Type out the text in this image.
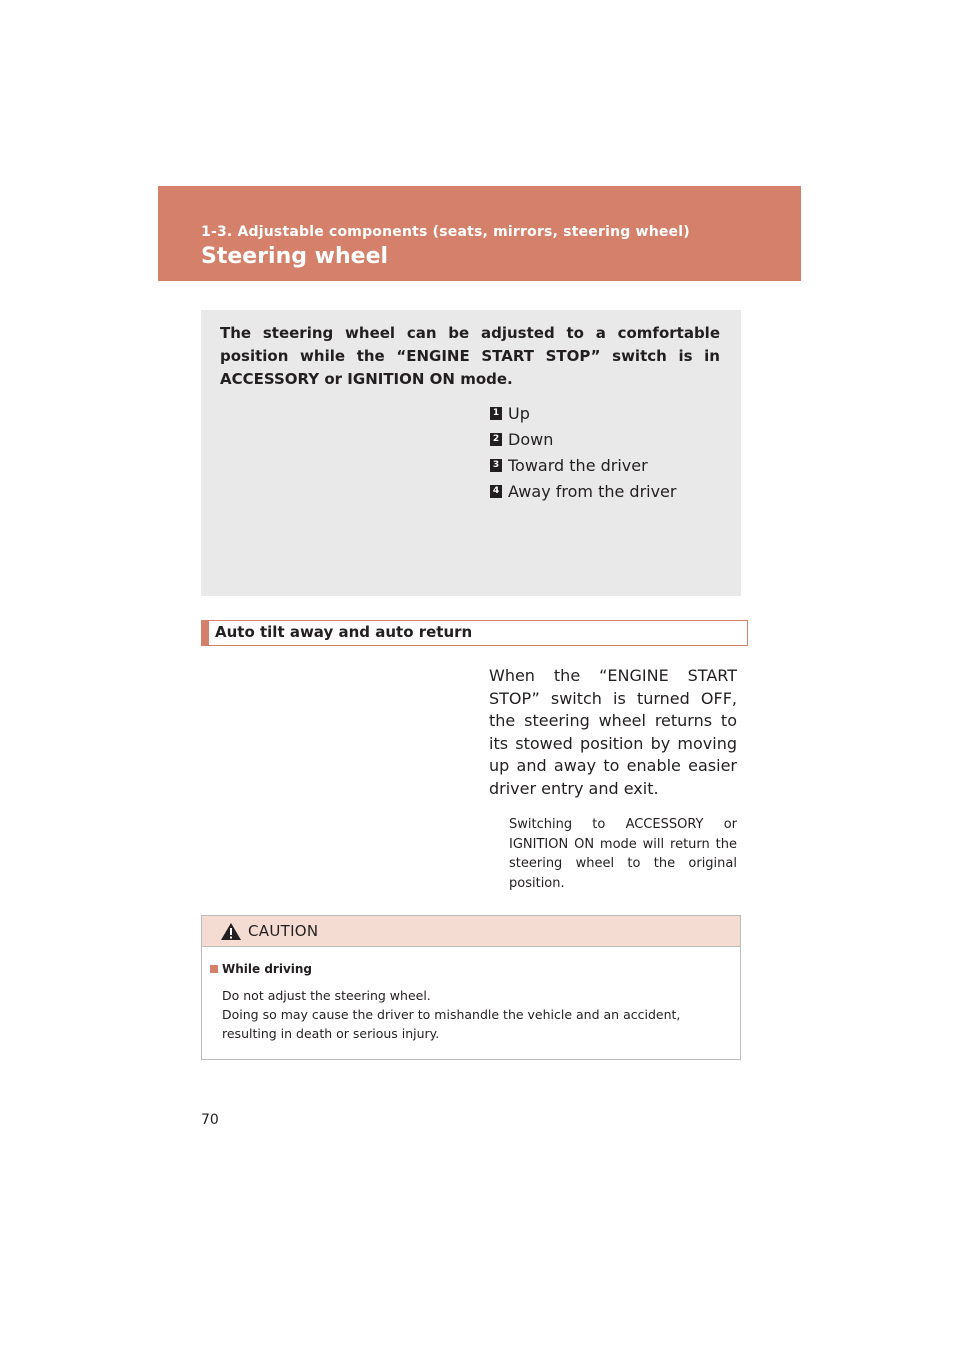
1-3. Adjustable components (seats, mirrors, steering wheel)
Steering wheel
The steering wheel can be adjusted to a comfortable position while the “ENGINE START STOP” switch is in ACCESSORY or IGNITION ON mode.
1 Up
2 Down
3 Toward the driver
4 Away from the driver
Auto tilt away and auto return
When the “ENGINE START STOP” switch is turned OFF, the steering wheel returns to its stowed position by moving up and away to enable easier driver entry and exit.
Switching to ACCESSORY or IGNITION ON mode will return the steering wheel to the original position.
CAUTION
While driving
Do not adjust the steering wheel.
Doing so may cause the driver to mishandle the vehicle and an accident, resulting in death or serious injury.
70
